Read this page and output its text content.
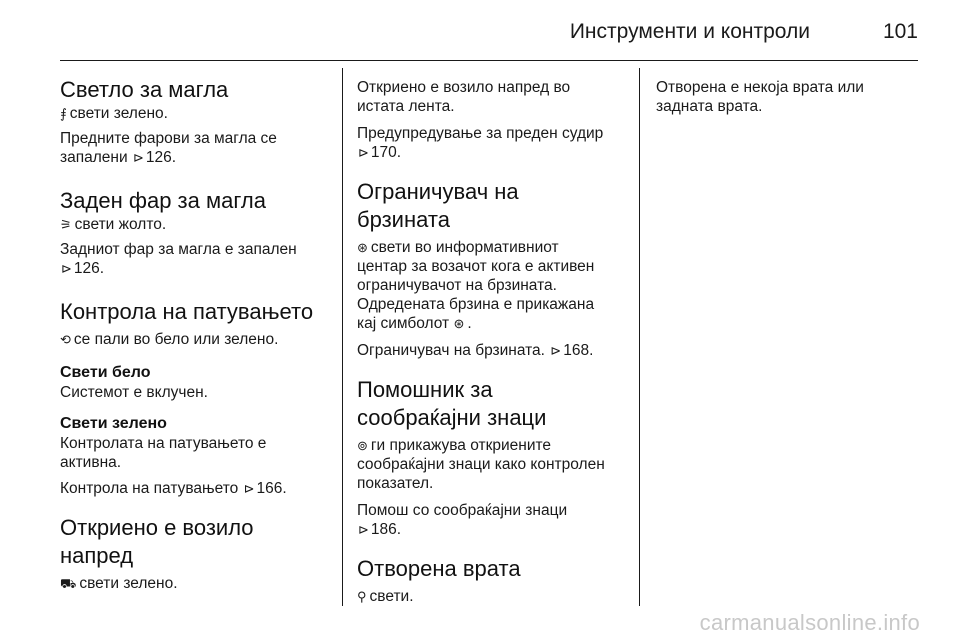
Инструменти и контроли	101
Светло за магла

⨎ свети зелено.

Предните фарови за магла се

запалени ⊳ 126.

Заден фар за магла

⚞ свети жолто.

Задниот фар за магла е запален

⊳ 126.

Контрола на патувањето

⟲ се пали во бело или зелено.

Свети бело

Системот е вклучен.

Свети зелено

Контролата на патувањето е

активна.

Контрола на патувањето ⊳ 166.

Откриено е возило
напред

⛟ свети зелено.

Откриено е возило напред во

истата лента.

Предупредување за преден судир

⊳ 170.

Ограничувач на
брзината

⊛ свети во информативниот

центар за возачот кога е активен

ограничувачот на брзината.

Одредената брзина е прикажана

кај симболот ⊛ .

Ограничувач на брзината. ⊳ 168.

Помошник за
сообраќајни знаци

⊚ ги прикажува откриените

сообраќајни знаци како контролен

показател.

Помош со сообраќајни знаци

⊳ 186.

Отворена врата

⚲ свети.

Отворена е некоја врата или

задната врата.

carmanualsonline.info
